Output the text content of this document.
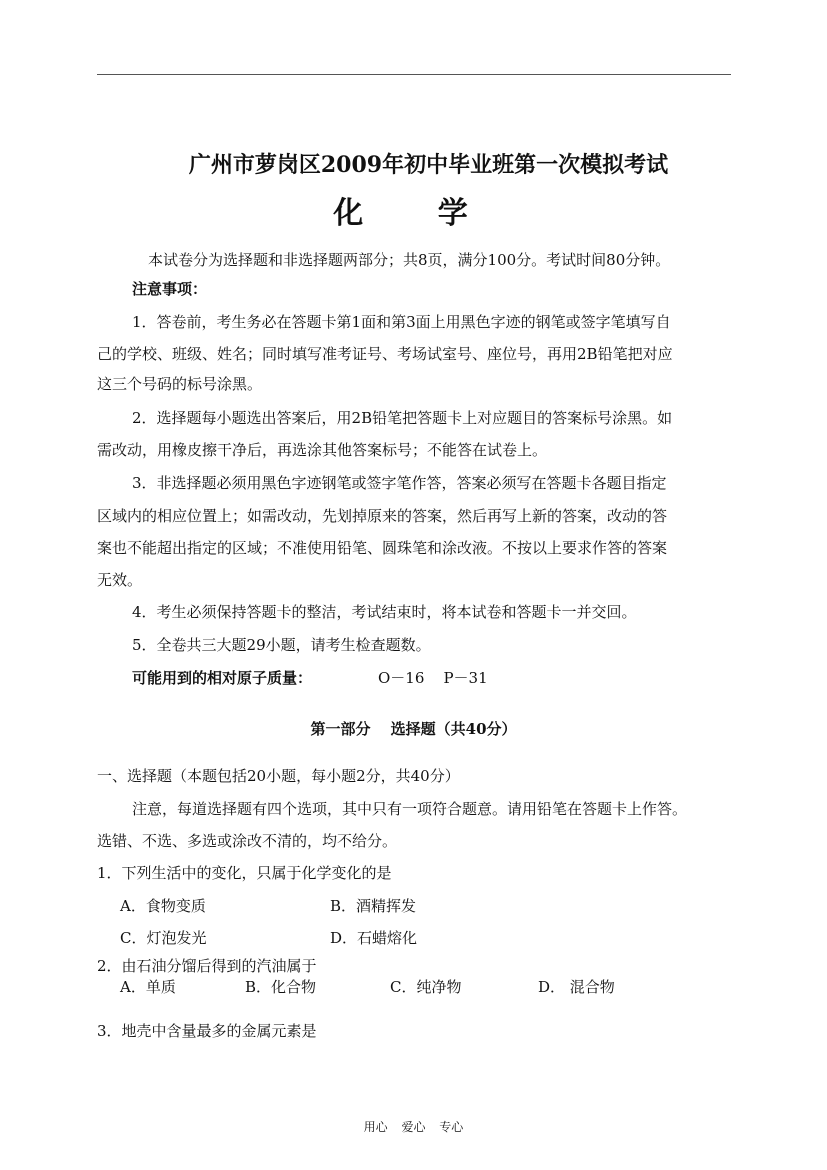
广州市萝岗区2009年初中毕业班第一次模拟考试
化 学
本试卷分为选择题和非选择题两部分；共8页，满分100分。考试时间80分钟。
注意事项：
1．答卷前，考生务必在答题卡第1面和第3面上用黑色字迹的钢笔或签字笔填写自
己的学校、班级、姓名；同时填写准考证号、考场试室号、座位号，再用2B铅笔把对应
这三个号码的标号涂黑。
2．选择题每小题选出答案后，用2B铅笔把答题卡上对应题目的答案标号涂黑。如
需改动，用橡皮擦干净后，再选涂其他答案标号；不能答在试卷上。
3．非选择题必须用黑色字迹钢笔或签字笔作答，答案必须写在答题卡各题目指定
区域内的相应位置上；如需改动，先划掉原来的答案，然后再写上新的答案，改动的答
案也不能超出指定的区域；不准使用铅笔、圆珠笔和涂改液。不按以上要求作答的答案
无效。
4．考生必须保持答题卡的整洁，考试结束时，将本试卷和答题卡一并交回。
5．全卷共三大题29小题，请考生检查题数。
可能用到的相对原子质量：	O－16    P－31
第一部分　 选择题（共40分）
一、选择题（本题包括20小题，每小题2分，共40分）
注意，每道选择题有四个选项，其中只有一项符合题意。请用铅笔在答题卡上作答。
选错、不选、多选或涂改不清的，均不给分。
1．下列生活中的变化，只属于化学变化的是
A．食物变质	B．酒精挥发
C．灯泡发光	D．石蜡熔化
2．由石油分馏后得到的汽油属于
A．单质	B．化合物	C．纯净物	D． 混合物
3．地壳中含量最多的金属元素是
用心 爱心 专心
